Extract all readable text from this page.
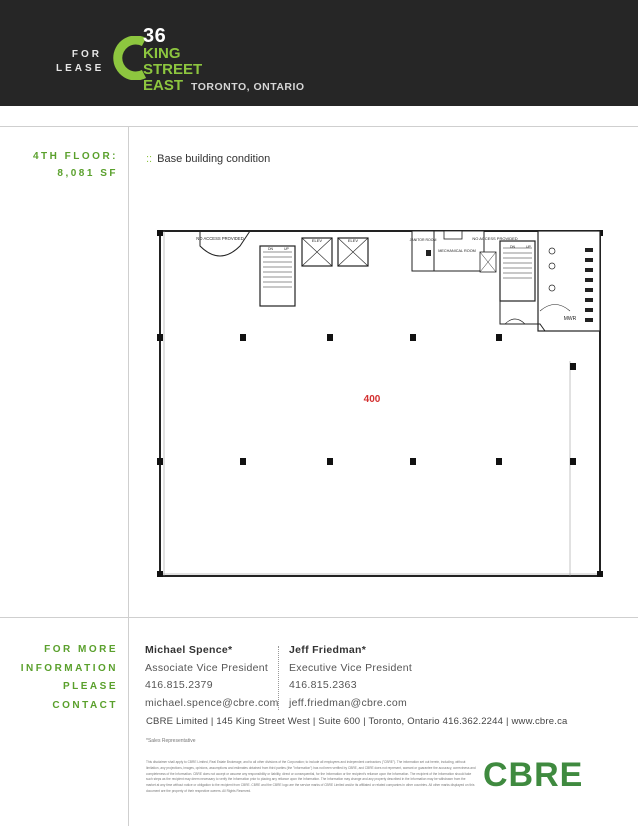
FOR
LEASE
36
KING
STREET
EAST TORONTO, ONTARIO
4TH FLOOR:
8,081 SF
:: Base building condition
NO ACCESS PROVIDED
DN	UP
ELEV	ELEV	JANITOR ROOM
MECHANICAL ROOM
NO ACCESS PROVIDED
DN	UP
MWR
400
FOR MORE
INFORMATION
PLEASE
CONTACT
Michael Spence*
Associate Vice President
416.815.2379
michael.spence@cbre.com
Jeff Friedman*
Executive Vice President
416.815.2363
jeff.friedman@cbre.com
CBRE Limited | 145 King Street West | Suite 600 | Toronto, Ontario 416.362.2244 | www.cbre.ca
*Sales Representative
This disclaimer shall apply to CBRE Limited, Real Estate Brokerage, and to all other divisions of the Corporation; to include all employees and independent contractors ("CBRE"). The information set out herein, including, without limitation, any projections, images, opinions, assumptions and estimates obtained from third parties (the "Information") has not been verified by CBRE, and CBRE does not represent, warrant or guarantee the accuracy, correctness and completeness of the Information. CBRE does not accept or assume any responsibility or liability, direct or consequential, for the Information or the recipient's reliance upon the Information. The recipient of the Information should take such steps as the recipient may deem necessary to verify the Information prior to placing any reliance upon the Information. The Information may change and any property described in the Information may be withdrawn from the market at any time without notice or obligation to the recipient from CBRE. CBRE and the CBRE logo are the service marks of CBRE Limited and/or its affiliated or related companies in other countries. All other marks displayed on this document are the property of their respective owners. All Rights Reserved.	CBRE
